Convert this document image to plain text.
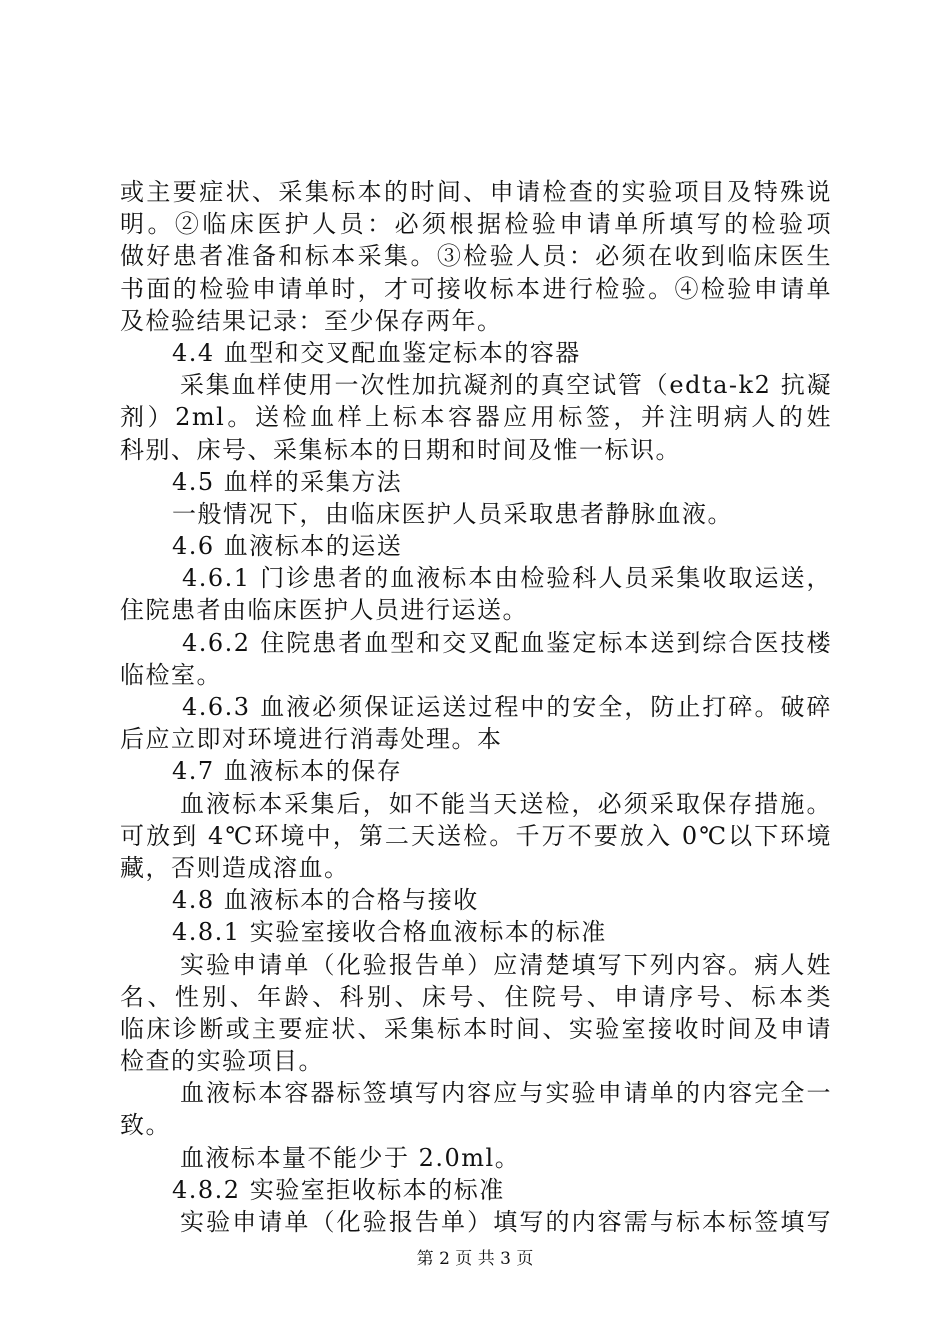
或主要症状、采集标本的时间、申请检查的实验项目及特殊说
明。②临床医护人员：必须根据检验申请单所填写的检验项
做好患者准备和标本采集。③检验人员：必须在收到临床医生
书面的检验申请单时，才可接收标本进行检验。④检验申请单
及检验结果记录：至少保存两年。
4.4 血型和交叉配血鉴定标本的容器
采集血样使用一次性加抗凝剂的真空试管（edta-k2 抗凝
剂）2ml。送检血样上标本容器应用标签，并注明病人的姓
科别、床号、采集标本的日期和时间及惟一标识。
4.5 血样的采集方法
一般情况下，由临床医护人员采取患者静脉血液。
4.6 血液标本的运送
4.6.1 门诊患者的血液标本由检验科人员采集收取运送，
住院患者由临床医护人员进行运送。
4.6.2 住院患者血型和交叉配血鉴定标本送到综合医技楼
临检室。
4.6.3 血液必须保证运送过程中的安全，防止打碎。破碎
后应立即对环境进行消毒处理。本
4.7 血液标本的保存
血液标本采集后，如不能当天送检，必须采取保存措施。
可放到 4℃环境中，第二天送检。千万不要放入 0℃以下环境
藏，否则造成溶血。
4.8 血液标本的合格与接收
4.8.1 实验室接收合格血液标本的标准
实验申请单（化验报告单）应清楚填写下列内容。病人姓
名、性别、年龄、科别、床号、住院号、申请序号、标本类
临床诊断或主要症状、采集标本时间、实验室接收时间及申请
检查的实验项目。
血液标本容器标签填写内容应与实验申请单的内容完全一
致。
血液标本量不能少于 2.0ml。
4.8.2 实验室拒收标本的标准
实验申请单（化验报告单）填写的内容需与标本标签填写
第 2 页 共 3 页
